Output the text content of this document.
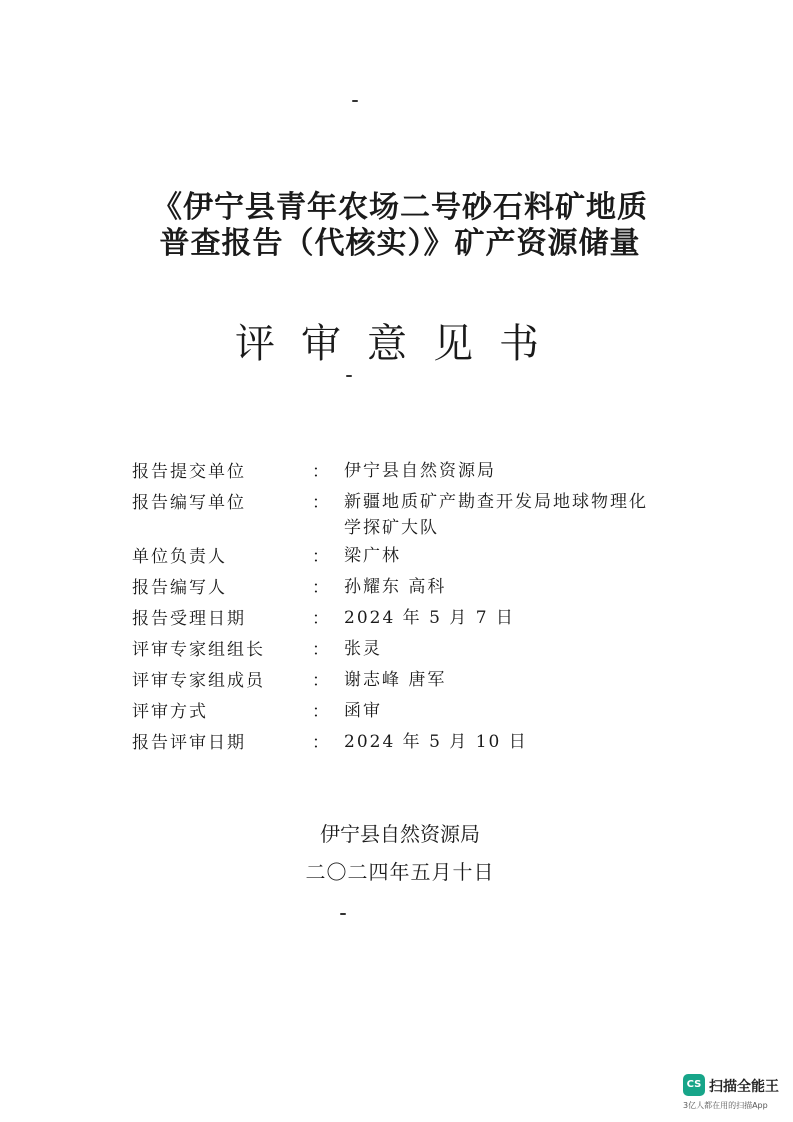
《伊宁县青年农场二号砂石料矿地质
普查报告（代核实）》矿产资源储量
评审意见书
报告提交单位	： 伊宁县自然资源局
报告编写单位	： 新疆地质矿产勘查开发局地球物理化学探矿大队
单位负责人	： 梁广林
报告编写人	： 孙耀东 高科
报告受理日期	： 2024 年 5 月 7 日
评审专家组组长	： 张灵
评审专家组成员	： 谢志峰 唐军
评审方式	： 函审
报告评审日期	： 2024 年 5 月 10 日
伊宁县自然资源局
二〇二四年五月十日
CS 扫描全能王
3亿人都在用的扫描App
